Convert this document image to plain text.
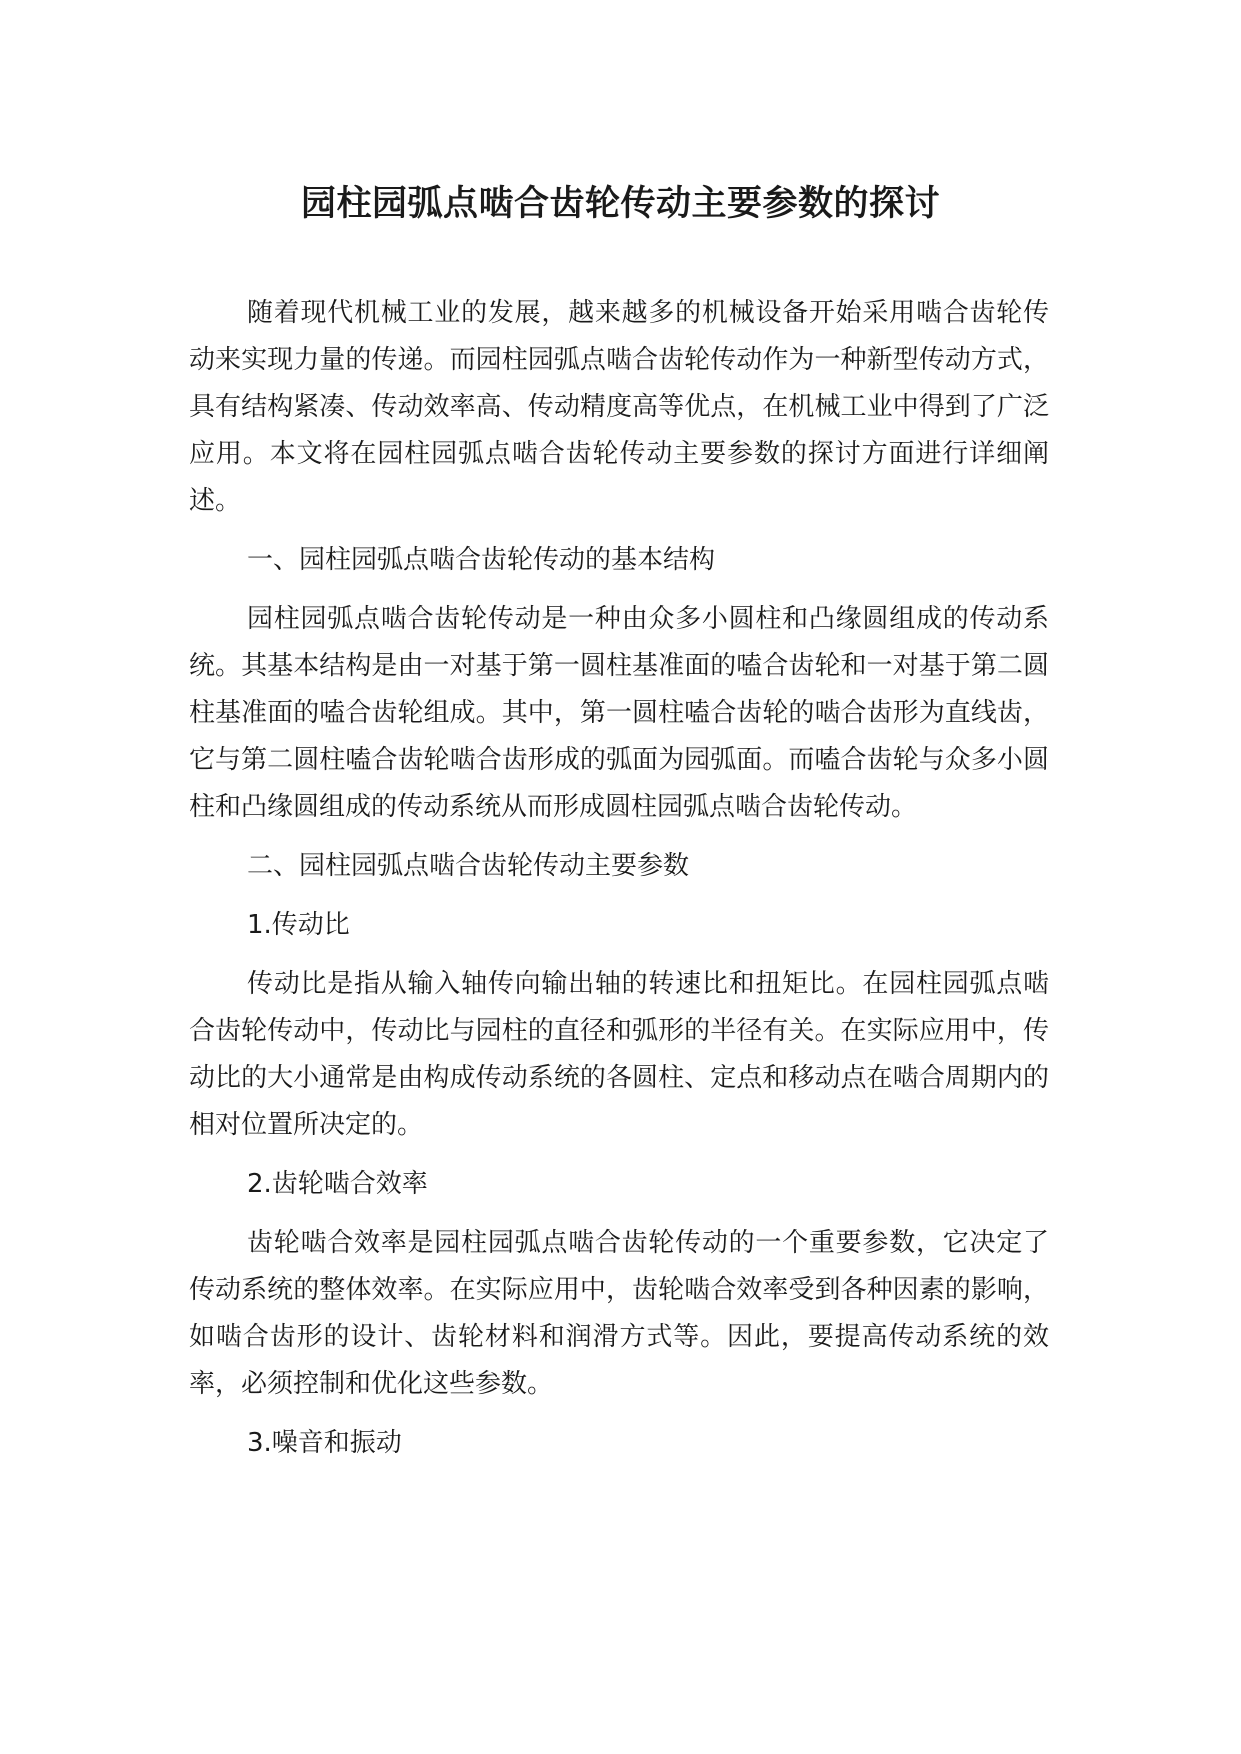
园柱园弧点啮合齿轮传动主要参数的探讨

随着现代机械工业的发展，越来越多的机械设备开始采用啮合齿轮传动来实现力量的传递。而园柱园弧点啮合齿轮传动作为一种新型传动方式，具有结构紧凑、传动效率高、传动精度高等优点，在机械工业中得到了广泛应用。本文将在园柱园弧点啮合齿轮传动主要参数的探讨方面进行详细阐述。

一、园柱园弧点啮合齿轮传动的基本结构

园柱园弧点啮合齿轮传动是一种由众多小圆柱和凸缘圆组成的传动系统。其基本结构是由一对基于第一圆柱基准面的嗑合齿轮和一对基于第二圆柱基准面的嗑合齿轮组成。其中，第一圆柱嗑合齿轮的啮合齿形为直线齿，它与第二圆柱嗑合齿轮啮合齿形成的弧面为园弧面。而嗑合齿轮与众多小圆柱和凸缘圆组成的传动系统从而形成圆柱园弧点啮合齿轮传动。

二、园柱园弧点啮合齿轮传动主要参数

1.传动比

传动比是指从输入轴传向输出轴的转速比和扭矩比。在园柱园弧点啮合齿轮传动中，传动比与园柱的直径和弧形的半径有关。在实际应用中，传动比的大小通常是由构成传动系统的各圆柱、定点和移动点在啮合周期内的相对位置所决定的。

2.齿轮啮合效率

齿轮啮合效率是园柱园弧点啮合齿轮传动的一个重要参数，它决定了传动系统的整体效率。在实际应用中，齿轮啮合效率受到各种因素的影响，如啮合齿形的设计、齿轮材料和润滑方式等。因此，要提高传动系统的效率，必须控制和优化这些参数。

3.噪音和振动
